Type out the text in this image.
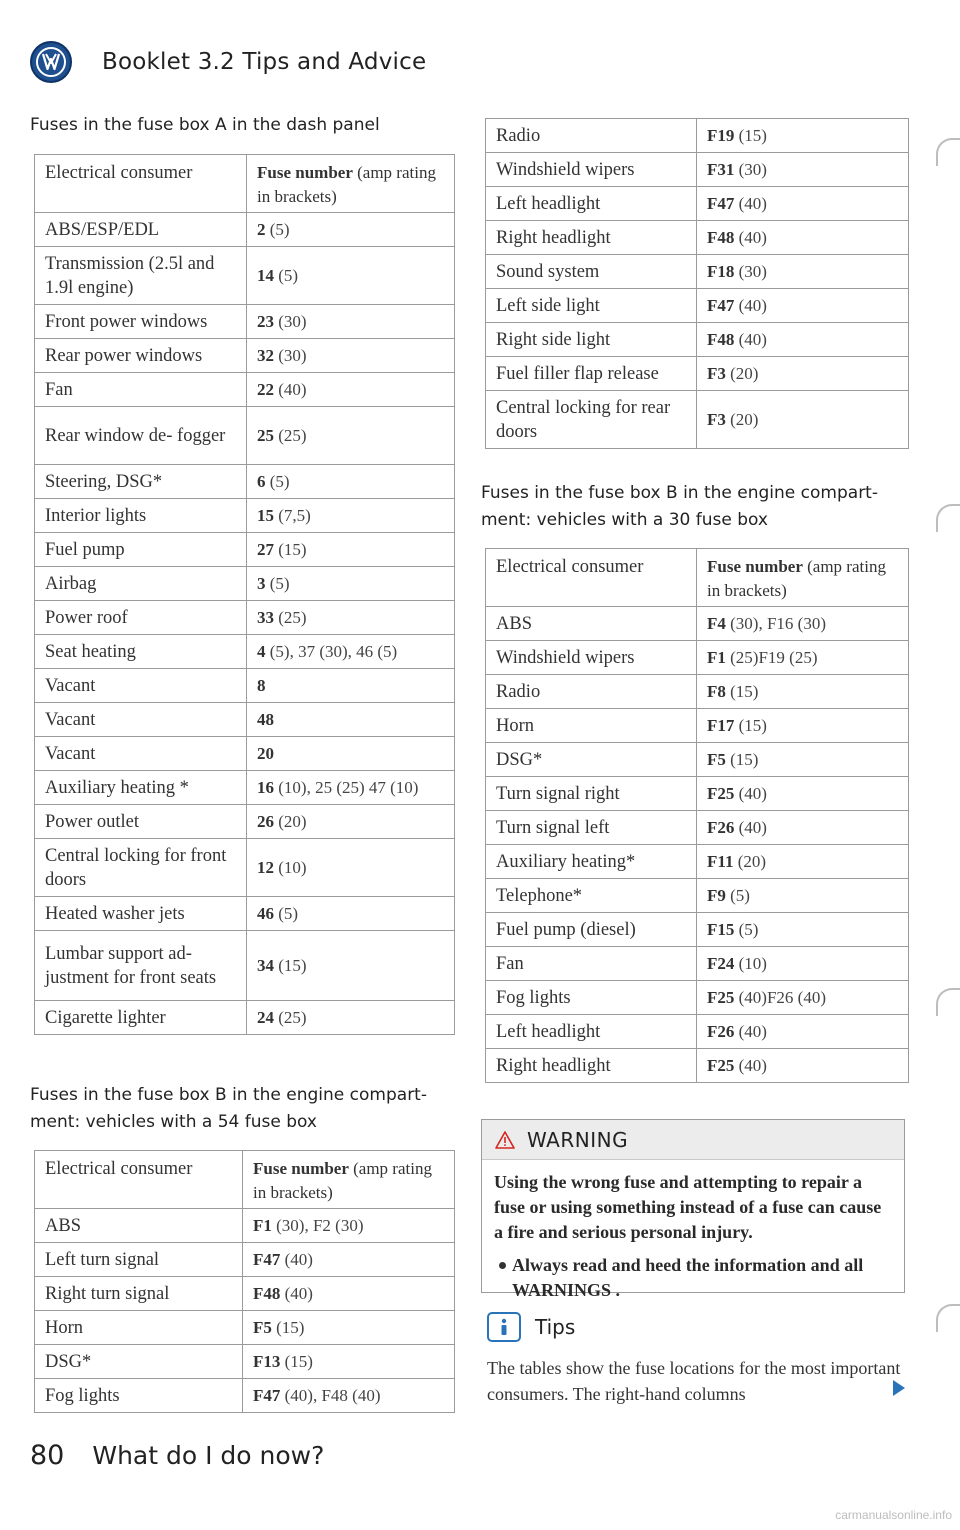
Booklet 3.2 Tips and Advice
Fuses in the fuse box A in the dash panel
Electrical consumer	Fuse number (amp rating in brackets)
ABS/ESP/EDL	2 (5)
Transmission (2.5l and 1.9l engine)	14 (5)
Front power windows	23 (30)
Rear power windows	32 (30)
Fan	22 (40)
Rear window de- fogger	25 (25)
Steering, DSG*	6 (5)
Interior lights	15 (7,5)
Fuel pump	27 (15)
Airbag	3 (5)
Power roof	33 (25)
Seat heating	4 (5), 37 (30), 46 (5)
Vacant	8
Vacant	48
Vacant	20
Auxiliary heating *	16 (10), 25 (25) 47 (10)
Power outlet	26 (20)
Central locking for front doors	12 (10)
Heated washer jets	46 (5)
Lumbar support ad- justment for front seats	34 (15)
Cigarette lighter	24 (25)
Fuses in the fuse box B in the engine compart- ment: vehicles with a 54 fuse box
Electrical consumer	Fuse number (amp rating in brackets)
ABS	F1 (30), F2 (30)
Left turn signal	F47 (40)
Right turn signal	F48 (40)
Horn	F5 (15)
DSG*	F13 (15)
Fog lights	F47 (40), F48 (40)
Radio	F19 (15)
Windshield wipers	F31 (30)
Left headlight	F47 (40)
Right headlight	F48 (40)
Sound system	F18 (30)
Left side light	F47 (40)
Right side light	F48 (40)
Fuel filler flap release	F3 (20)
Central locking for rear doors	F3 (20)
Fuses in the fuse box B in the engine compart- ment: vehicles with a 30 fuse box
Electrical consumer	Fuse number (amp rating in brackets)
ABS	F4 (30), F16 (30)
Windshield wipers	F1 (25)F19 (25)
Radio	F8 (15)
Horn	F17 (15)
DSG*	F5 (15)
Turn signal right	F25 (40)
Turn signal left	F26 (40)
Auxiliary heating*	F11 (20)
Telephone*	F9 (5)
Fuel pump (diesel)	F15 (5)
Fan	F24 (10)
Fog lights	F25 (40)F26 (40)
Left headlight	F26 (40)
Right headlight	F25 (40)
WARNING
Using the wrong fuse and attempting to repair a fuse or using something instead of a fuse can cause a fire and serious personal injury.
Always read and heed the information and all WARNINGS .
Tips
The tables show the fuse locations for the most important consumers. The right-hand columns
80 What do I do now?
carmanualsonline.info
